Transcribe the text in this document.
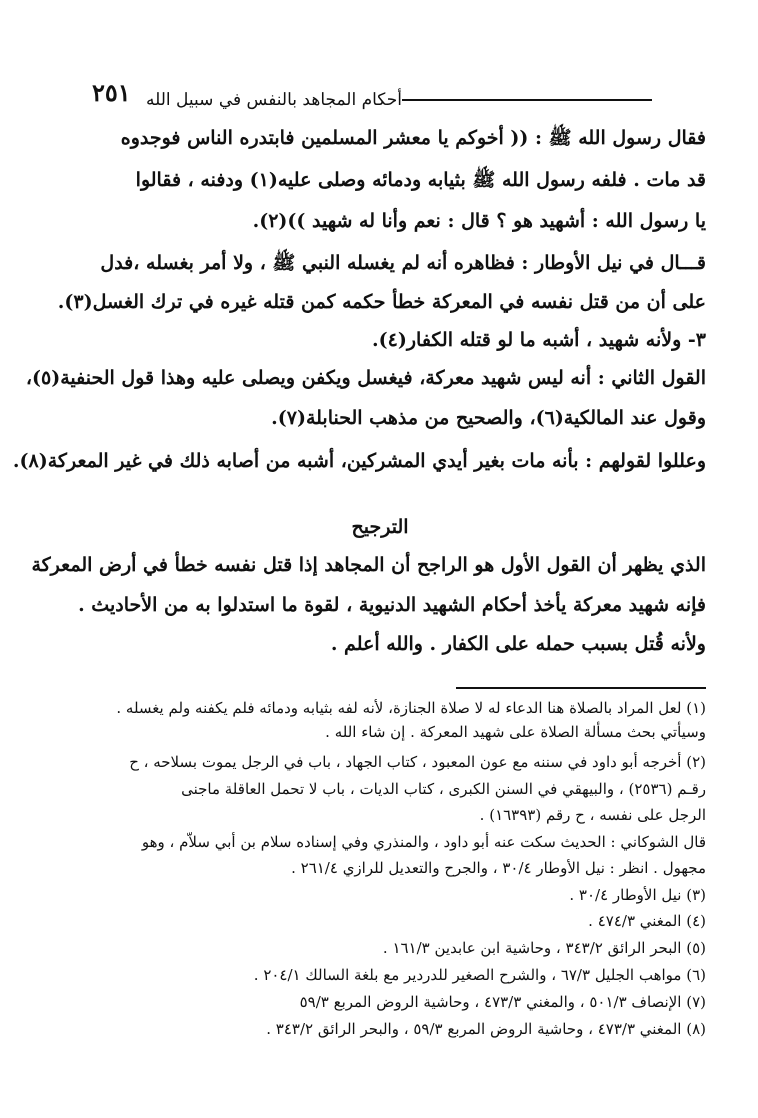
٢٥١ أحكام المجاهد بالنفس في سبيل الله
فقال رسول الله ﷺ : (( أخوكم يا معشر المسلمين فابتدره الناس فوجدوه
قد مات . فلفه رسول الله ﷺ بثيابه ودمائه وصلى عليه(١) ودفنه ، فقالوا
يا رسول الله : أشهيد هو ؟ قال : نعم وأنا له شهيد ))(٢).
قـــال في نيل الأوطار : فظاهره أنه لم يغسله النبي ﷺ ، ولا أمر بغسله ،فدل
على أن من قتل نفسه في المعركة خطأ حكمه كمن قتله غيره في ترك الغسل(٣).
٣- ولأنه شهيد ، أشبه ما لو قتله الكفار(٤).
القول الثاني : أنه ليس شهيد معركة، فيغسل ويكفن ويصلى عليه وهذا قول الحنفية(٥)،
وقول عند المالكية(٦)، والصحيح من مذهب الحنابلة(٧).
وعللوا لقولهم : بأنه مات بغير أيدي المشركين، أشبه من أصابه ذلك في غير المعركة(٨).
الترجيح
الذي يظهر أن القول الأول هو الراجح أن المجاهد إذا قتل نفسه خطأ في أرض المعركة
فإنه شهيد معركة يأخذ أحكام الشهيد الدنيوية ، لقوة ما استدلوا به من الأحاديث .
ولأنه قُتل بسبب حمله على الكفار . والله أعلم .
(١) لعل المراد بالصلاة هنا الدعاء له لا صلاة الجنازة، لأنه لفه بثيابه ودمائه فلم يكفنه ولم يغسله .
وسيأتي بحث مسألة الصلاة على شهيد المعركة . إن شاء الله .
(٢) أخرجه أبو داود في سننه مع عون المعبود ، كتاب الجهاد ، باب في الرجل يموت بسلاحه ، ح
رقـم (٢٥٣٦) ، والبيهقي في السنن الكبرى ، كتاب الديات ، باب لا تحمل العاقلة ماجنى
الرجل على نفسه ، ح رقم (١٦٣٩٣) .
قال الشوكاني : الحديث سكت عنه أبو داود ، والمنذري وفي إسناده سلام بن أبي سلاّم ، وهو
مجهول . انظر : نيل الأوطار ٣٠/٤ ، والجرح والتعديل للرازي ٢٦١/٤ .
(٣) نيل الأوطار ٣٠/٤ .
(٤) المغني ٤٧٤/٣ .
(٥) البحر الرائق ٣٤٣/٢ ، وحاشية ابن عابدين ١٦١/٣ .
(٦) مواهب الجليل ٦٧/٣ ، والشرح الصغير للدردير مع بلغة السالك ٢٠٤/١ .
(٧) الإنصاف ٥٠١/٣ ، والمغني ٤٧٣/٣ ، وحاشية الروض المربع ٥٩/٣
(٨) المغني ٤٧٣/٣ ، وحاشية الروض المربع ٥٩/٣ ، والبحر الرائق ٣٤٣/٢ .
